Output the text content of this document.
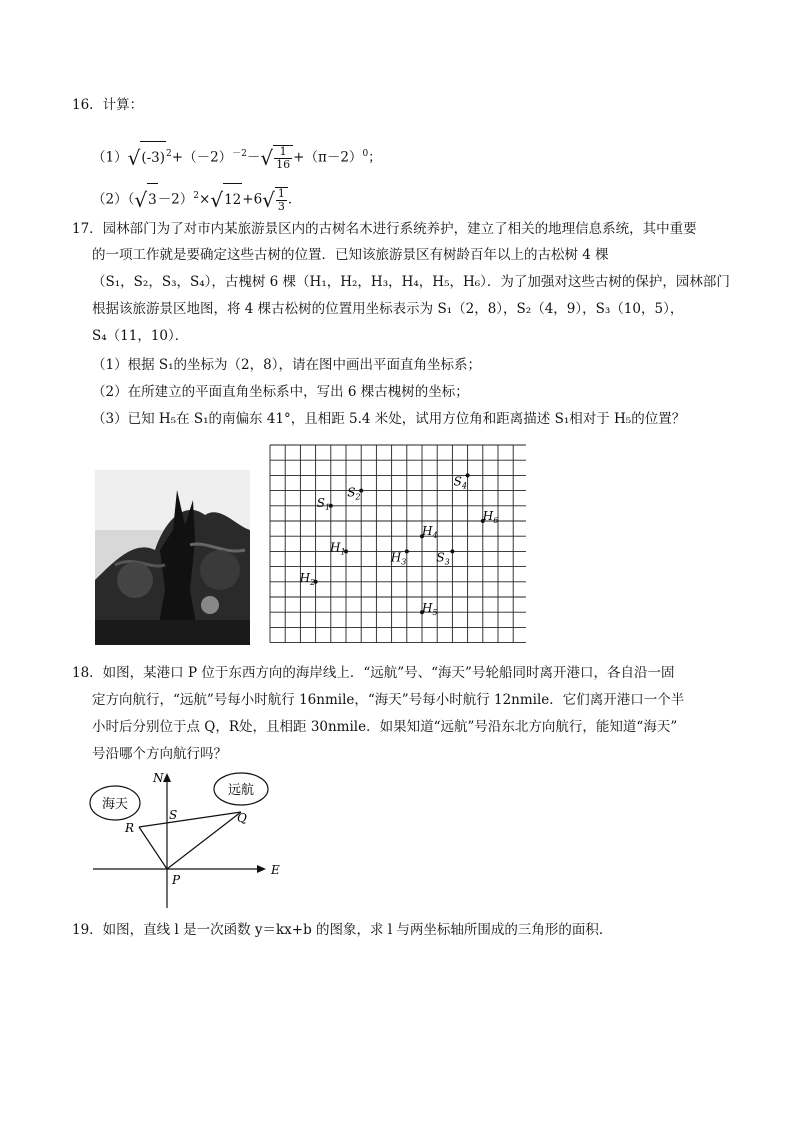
16．计算：
$(1)√(-3)^2+(-2)^{-2}-√ \frac{1}{16} +(\pi-2)^0$；
$(2)(√3-2)^2\times√12+6√ \frac{1}{3}$ ．
17．园林部门为了对市内某旅游景区内的古树名木进行系统养护，建立了相关的地理信息系统，其中重要
的一项工作就是要确定这些古树的位置．已知该旅游景区有树龄百年以上的古松树 4 棵
（S₁，S₂，S₃，S₄），古槐树 6 棵（H₁，H₂，H₃，H₄，H₅，H₆）．为了加强对这些古树的保护，园林部门
根据该旅游景区地图，将 4 棵古松树的位置用坐标表示为 S₁（2，8），S₂（4，9），S₃（10，5），
S₄（11，10）．
（1）根据 S₁的坐标为（2，8），请在图中画出平面直角坐标系；
（2）在所建立的平面直角坐标系中，写出 6 棵古槐树的坐标；
（3）已知 H₅在 S₁的南偏东 41°，且相距 5.4 米处，试用方位角和距离描述 S₁相对于 H₅的位置？
$S_1$
$S_2$
$S_3$
$S_4$
$H_1$
$H_2$
$H_3$
$H_4$
$H_5$
$H_6$
18．如图，某港口 P 位于东西方向的海岸线上．“远航”号、“海天”号轮船同时离开港口，各自沿一固
定方向航行，“远航”号每小时航行 16nmile，“海天”号每小时航行 12nmile．它们离开港口一个半
小时后分别位于点 Q，R处，且相距 30nmile．如果知道“远航”号沿东北方向航行，能知道“海天”
号沿哪个方向航行吗？
海天
远航
N
E
P
S	Q
R
19．如图，直线 l 是一次函数 y＝kx+b 的图象，求 l 与两坐标轴所围成的三角形的面积．
